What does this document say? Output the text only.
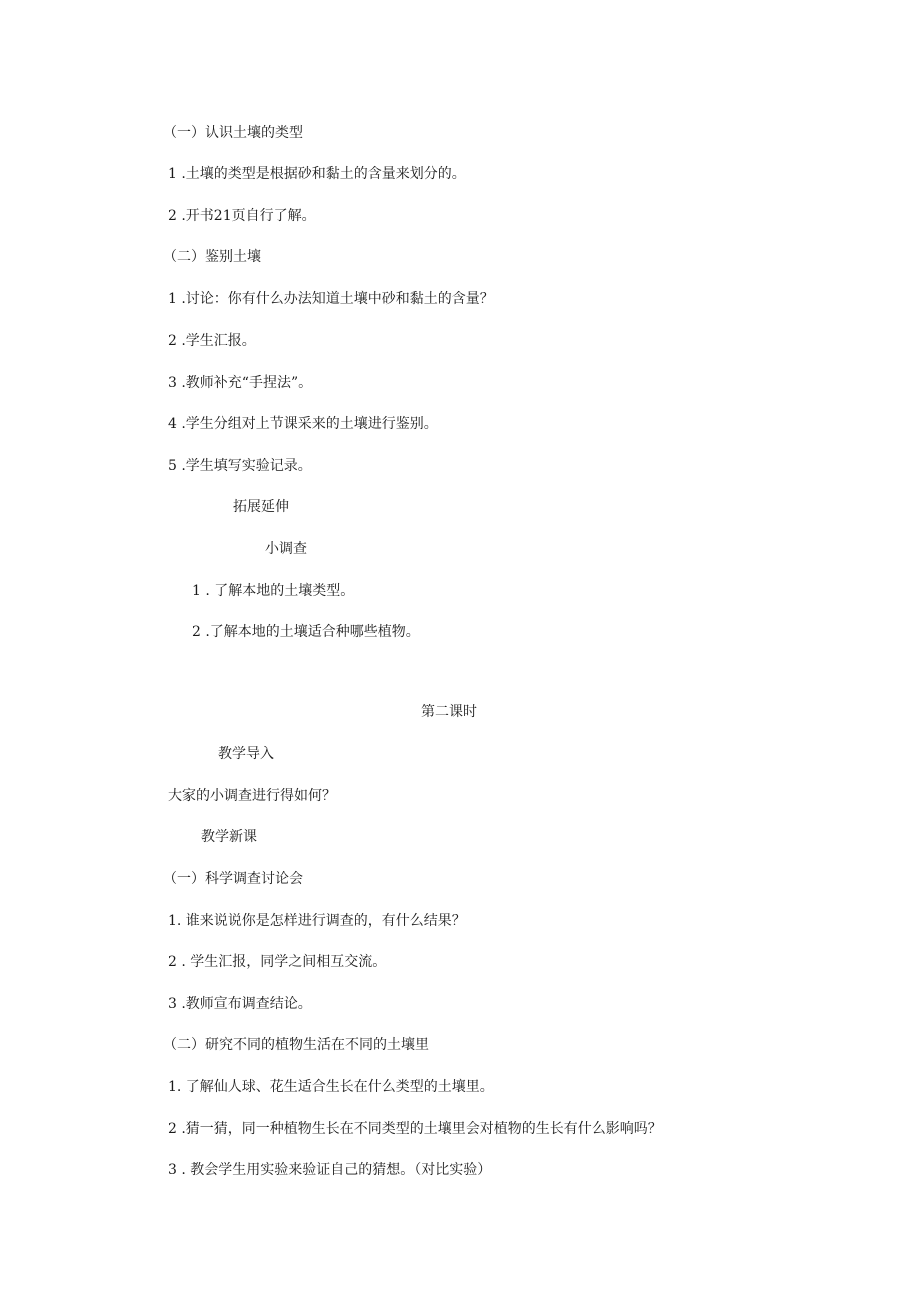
（一）认识土壤的类型
1 .土壤的类型是根据砂和黏土的含量来划分的。
2 .开书21页自行了解。
（二）鉴别土壤
1 .讨论：你有什么办法知道土壤中砂和黏土的含量？
2 .学生汇报。
3 .教师补充“手捏法”。
4 .学生分组对上节课采来的土壤进行鉴别。
5 .学生填写实验记录。
拓展延伸
小调查
1 . 了解本地的土壤类型。
2 .了解本地的土壤适合种哪些植物。
第二课时
教学导入
大家的小调查进行得如何？
教学新课
（一）科学调查讨论会
1. 谁来说说你是怎样进行调查的，有什么结果？
2 . 学生汇报，同学之间相互交流。
3 .教师宣布调查结论。
（二）研究不同的植物生活在不同的土壤里
1. 了解仙人球、花生适合生长在什么类型的土壤里。
2 .猜一猜，同一种植物生长在不同类型的土壤里会对植物的生长有什么影响吗？
3 . 教会学生用实验来验证自己的猜想。（对比实验）
